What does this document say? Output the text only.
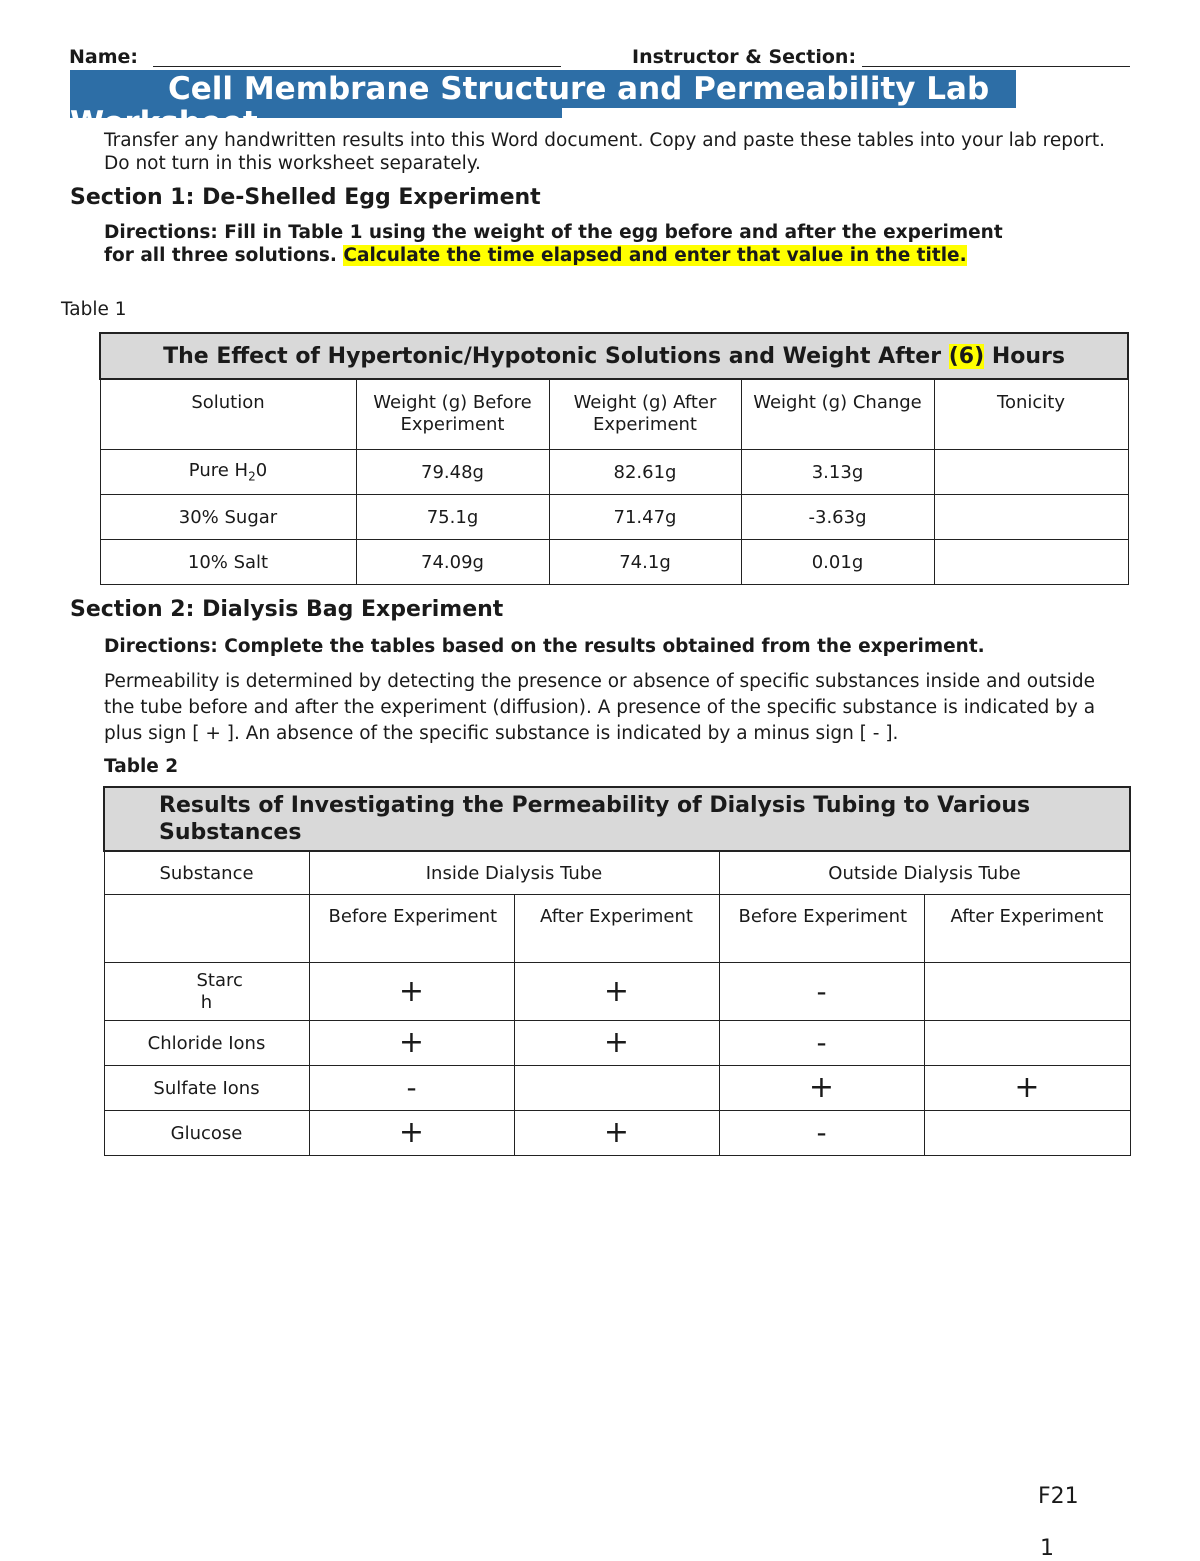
Name:	Instructor & Section:
Cell Membrane Structure and Permeability Lab
Worksheet
Transfer any handwritten results into this Word document. Copy and paste these tables into your lab report. Do not turn in this worksheet separately.
Section 1: De-Shelled Egg Experiment
Directions: Fill in Table 1 using the weight of the egg before and after the experiment for all three solutions. Calculate the time elapsed and enter that value in the title.
Table 1
The Effect of Hypertonic/Hypotonic Solutions and Weight After (6) Hours				
Solution	Weight (g) Before Experiment	Weight (g) After Experiment	Weight (g) Change	Tonicity
Pure $H_20$	79.48g	82.61g	3.13g	
30% Sugar	75.1g	71.47g	-3.63g	
10% Salt	74.09g	74.1g	0.01g	
Section 2: Dialysis Bag Experiment
Directions: Complete the tables based on the results obtained from the experiment.
Permeability is determined by detecting the presence or absence of specific substances inside and outside the tube before and after the experiment (diffusion). A presence of the specific substance is indicated by a plus sign [ + ]. An absence of the specific substance is indicated by a minus sign [ - ].
Table 2
Results of Investigating the Permeability of Dialysis Tubing to Various Substances				
Substance	Inside Dialysis Tube		Outside Dialysis Tube	
	Before Experiment	After Experiment	Before Experiment	After Experiment
Starc h	+	+	-	
Chloride Ions	+	+	-	
Sulfate Ions	-		+	+
Glucose	+	+	-	
F21
1
